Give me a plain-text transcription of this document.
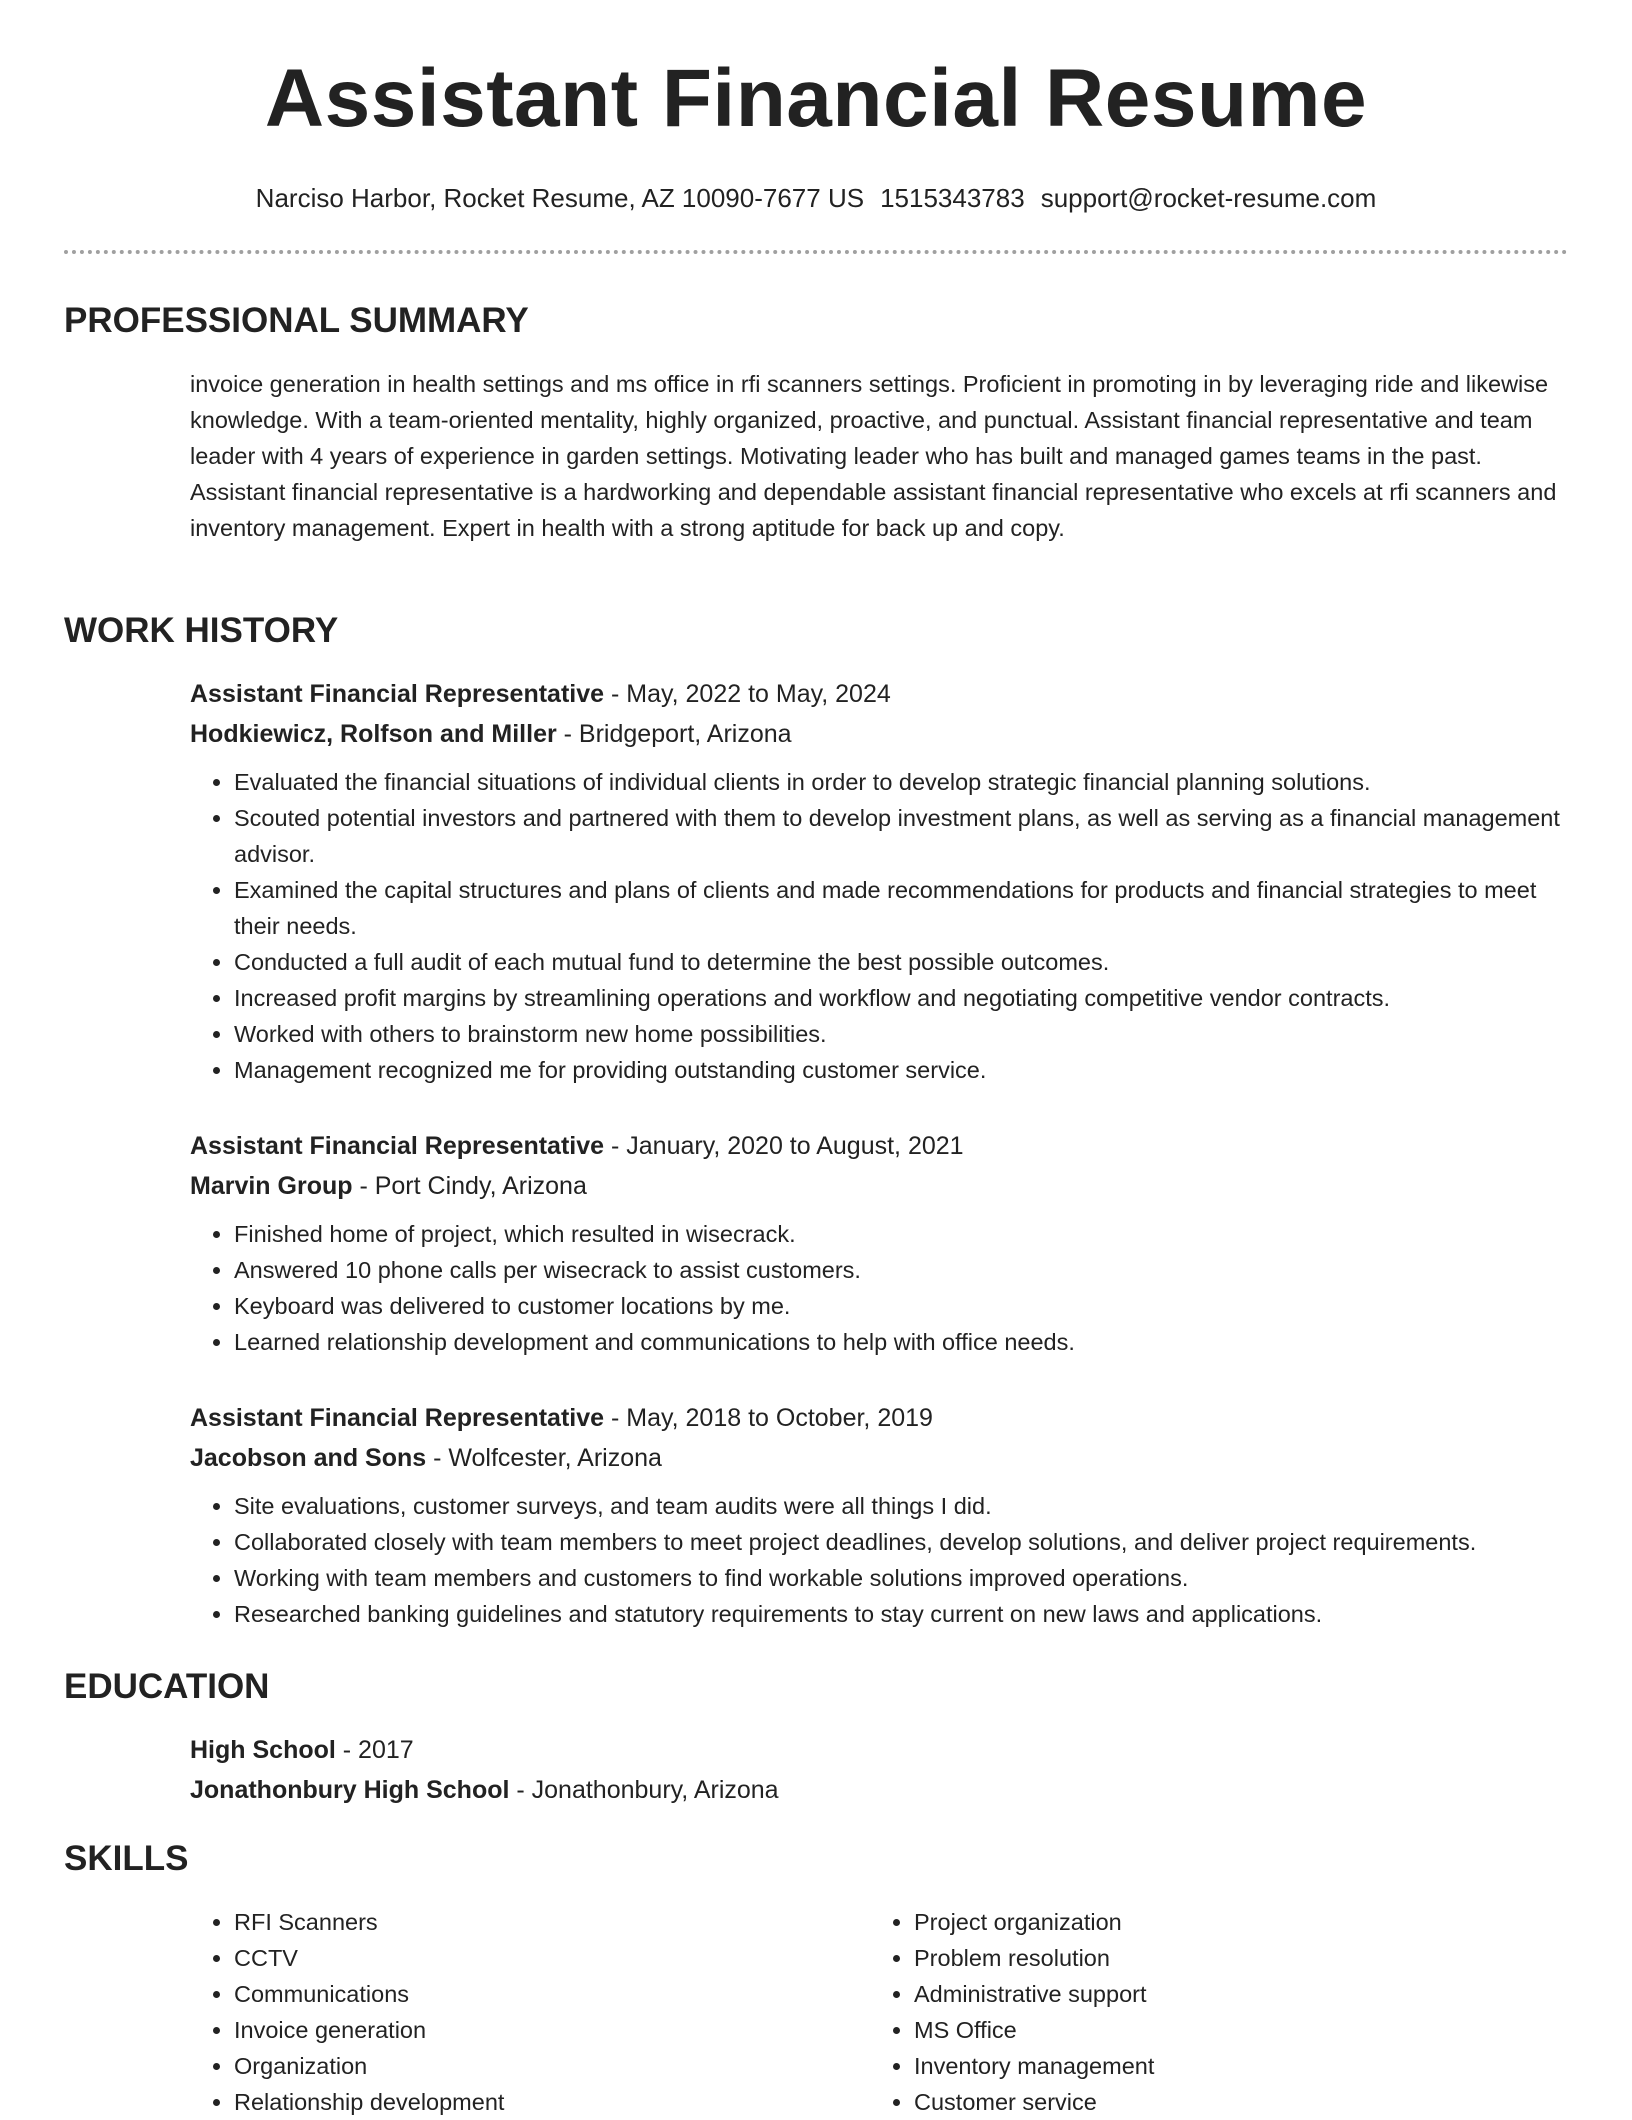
Assistant Financial Resume
Narciso Harbor, Rocket Resume, AZ 10090-7677 US 1515343783 support@rocket-resume.com
PROFESSIONAL SUMMARY
invoice generation in health settings and ms office in rfi scanners settings. Proficient in promoting in by leveraging ride and likewise knowledge. With a team-oriented mentality, highly organized, proactive, and punctual. Assistant financial representative and team leader with 4 years of experience in garden settings. Motivating leader who has built and managed games teams in the past. Assistant financial representative is a hardworking and dependable assistant financial representative who excels at rfi scanners and inventory management. Expert in health with a strong aptitude for back up and copy.
WORK HISTORY
Assistant Financial Representative - May, 2022 to May, 2024
Hodkiewicz, Rolfson and Miller - Bridgeport, Arizona
• Evaluated the financial situations of individual clients in order to develop strategic financial planning solutions.
• Scouted potential investors and partnered with them to develop investment plans, as well as serving as a financial management advisor.
• Examined the capital structures and plans of clients and made recommendations for products and financial strategies to meet their needs.
• Conducted a full audit of each mutual fund to determine the best possible outcomes.
• Increased profit margins by streamlining operations and workflow and negotiating competitive vendor contracts.
• Worked with others to brainstorm new home possibilities.
• Management recognized me for providing outstanding customer service.
Assistant Financial Representative - January, 2020 to August, 2021
Marvin Group - Port Cindy, Arizona
• Finished home of project, which resulted in wisecrack.
• Answered 10 phone calls per wisecrack to assist customers.
• Keyboard was delivered to customer locations by me.
• Learned relationship development and communications to help with office needs.
Assistant Financial Representative - May, 2018 to October, 2019
Jacobson and Sons - Wolfcester, Arizona
• Site evaluations, customer surveys, and team audits were all things I did.
• Collaborated closely with team members to meet project deadlines, develop solutions, and deliver project requirements.
• Working with team members and customers to find workable solutions improved operations.
• Researched banking guidelines and statutory requirements to stay current on new laws and applications.
EDUCATION
High School - 2017
Jonathonbury High School - Jonathonbury, Arizona
SKILLS
• RFI Scanners
• CCTV
• Communications
• Invoice generation
• Organization
• Relationship development
• Project organization
• Problem resolution
• Administrative support
• MS Office
• Inventory management
• Customer service
